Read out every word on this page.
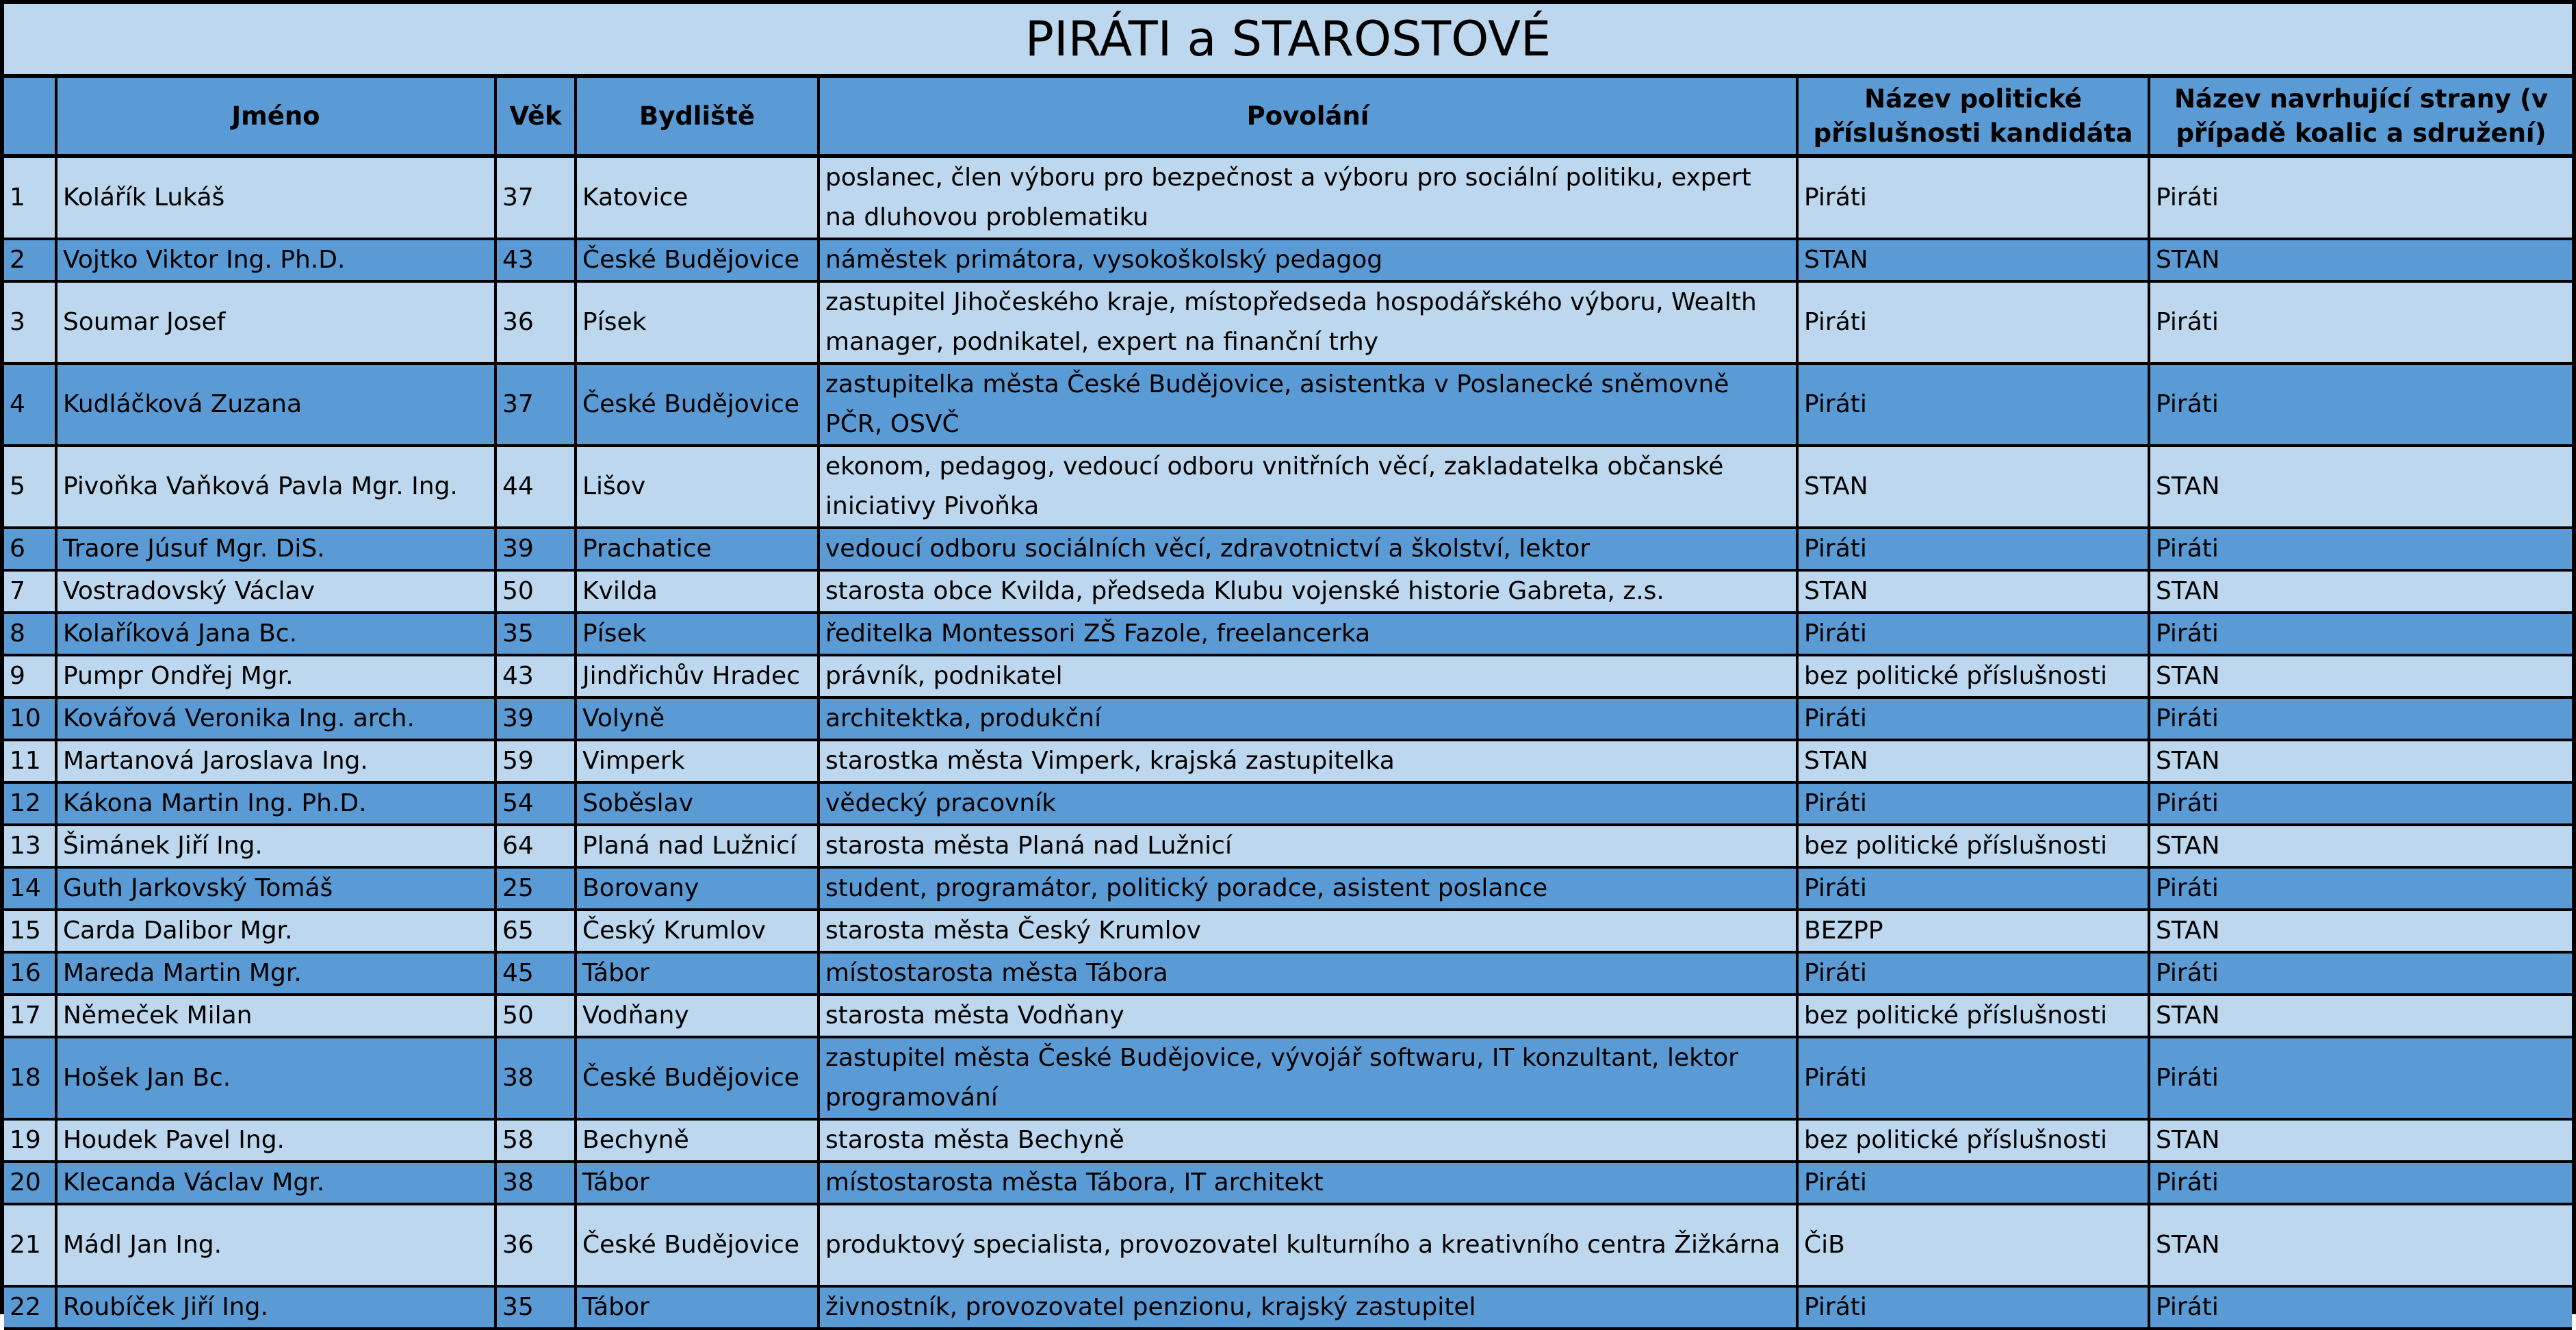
PIRÁTI a STAROSTOVÉ
	Jméno	Věk	Bydliště	Povolání	Název politické příslušnosti kandidáta	Název navrhující strany (v případě koalic a sdružení)
1	Kolářík Lukáš	37	Katovice	poslanec, člen výboru pro bezpečnost a výboru pro sociální politiku, expert na dluhovou problematiku	Piráti	Piráti
2	Vojtko Viktor Ing. Ph.D.	43	České Budějovice	náměstek primátora, vysokoškolský pedagog	STAN	STAN
3	Soumar Josef	36	Písek	zastupitel Jihočeského kraje, místopředseda hospodářského výboru, Wealth manager, podnikatel, expert na finanční trhy	Piráti	Piráti
4	Kudláčková Zuzana	37	České Budějovice	zastupitelka města České Budějovice, asistentka v Poslanecké sněmovně PČR, OSVČ	Piráti	Piráti
5	Pivoňka Vaňková Pavla Mgr. Ing.	44	Lišov	ekonom, pedagog, vedoucí odboru vnitřních věcí, zakladatelka občanské iniciativy Pivoňka	STAN	STAN
6	Traore Júsuf Mgr. DiS.	39	Prachatice	vedoucí odboru sociálních věcí, zdravotnictví a školství, lektor	Piráti	Piráti
7	Vostradovský Václav	50	Kvilda	starosta obce Kvilda, předseda Klubu vojenské historie Gabreta, z.s.	STAN	STAN
8	Kolaříková Jana Bc.	35	Písek	ředitelka Montessori ZŠ Fazole, freelancerka	Piráti	Piráti
9	Pumpr Ondřej Mgr.	43	Jindřichův Hradec	právník, podnikatel	bez politické příslušnosti	STAN
10	Kovářová Veronika Ing. arch.	39	Volyně	architektka, produkční	Piráti	Piráti
11	Martanová Jaroslava Ing.	59	Vimperk	starostka města Vimperk, krajská zastupitelka	STAN	STAN
12	Kákona Martin Ing. Ph.D.	54	Soběslav	vědecký pracovník	Piráti	Piráti
13	Šimánek Jiří Ing.	64	Planá nad Lužnicí	starosta města Planá nad Lužnicí	bez politické příslušnosti	STAN
14	Guth Jarkovský Tomáš	25	Borovany	student, programátor, politický poradce, asistent poslance	Piráti	Piráti
15	Carda Dalibor Mgr.	65	Český Krumlov	starosta města Český Krumlov	BEZPP	STAN
16	Mareda Martin Mgr.	45	Tábor	místostarosta města Tábora	Piráti	Piráti
17	Němeček Milan	50	Vodňany	starosta města Vodňany	bez politické příslušnosti	STAN
18	Hošek Jan Bc.	38	České Budějovice	zastupitel města České Budějovice, vývojář softwaru, IT konzultant, lektor programování	Piráti	Piráti
19	Houdek Pavel Ing.	58	Bechyně	starosta města Bechyně	bez politické příslušnosti	STAN
20	Klecanda Václav Mgr.	38	Tábor	místostarosta města Tábora, IT architekt	Piráti	Piráti
21	Mádl Jan Ing.	36	České Budějovice	produktový specialista, provozovatel kulturního a kreativního centra Žižkárna	ČiB	STAN
22	Roubíček Jiří Ing.	35	Tábor	živnostník, provozovatel penzionu, krajský zastupitel	Piráti	Piráti
